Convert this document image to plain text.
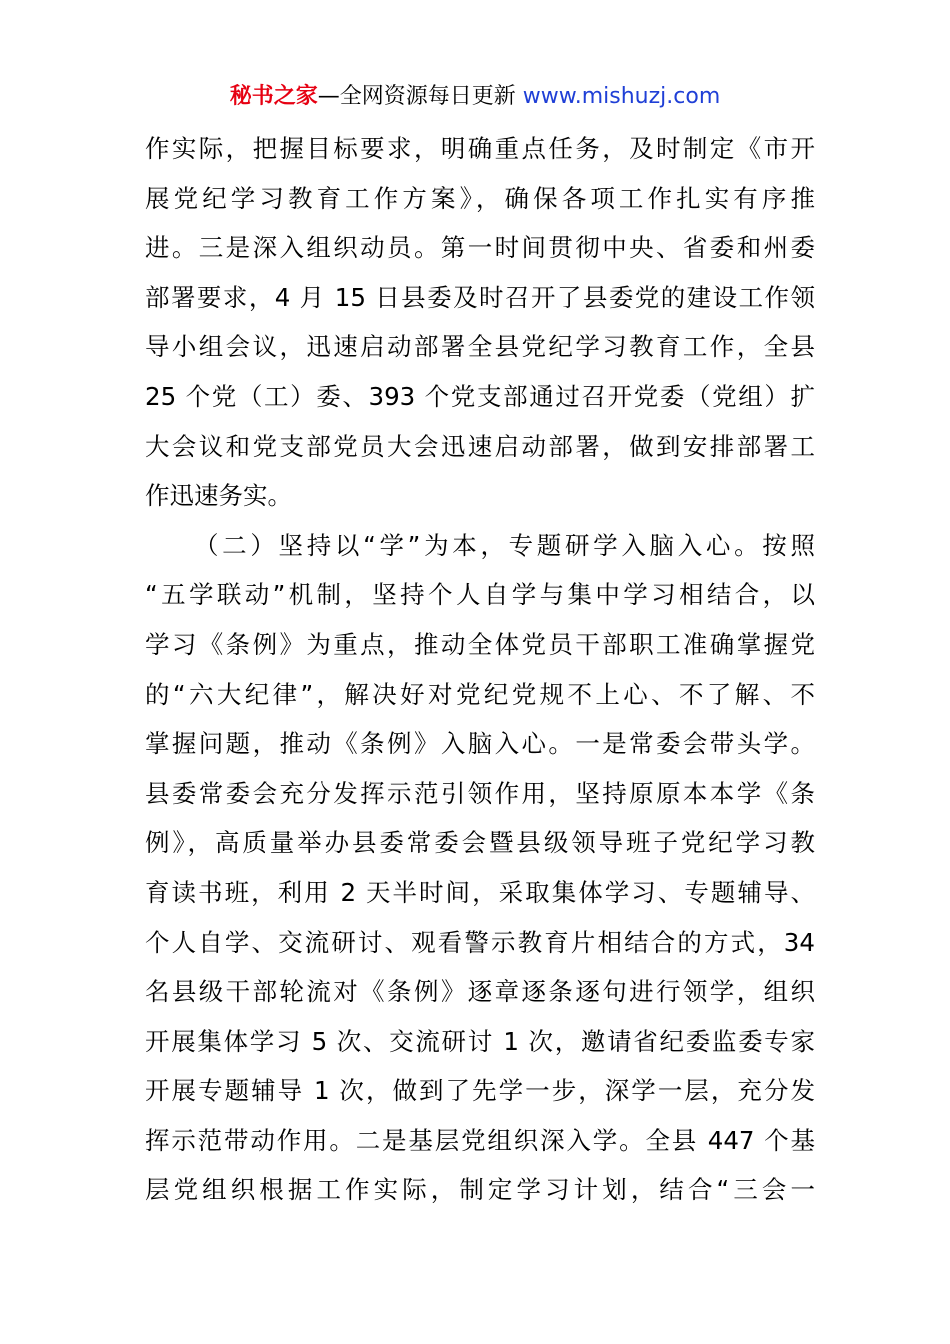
秘书之家—全网资源每日更新 www.mishuzj.com
作实际，把握目标要求，明确重点任务，及时制定《市开
展党纪学习教育工作方案》，确保各项工作扎实有序推
进。三是深入组织动员。第一时间贯彻中央、省委和州委
部署要求，4 月 15 日县委及时召开了县委党的建设工作领
导小组会议，迅速启动部署全县党纪学习教育工作，全县
25 个党（工）委、393 个党支部通过召开党委（党组）扩
大会议和党支部党员大会迅速启动部署，做到安排部署工
作迅速务实。
（二）坚持以“学”为本，专题研学入脑入心。按照
“五学联动”机制，坚持个人自学与集中学习相结合，以
学习《条例》为重点，推动全体党员干部职工准确掌握党
的“六大纪律”，解决好对党纪党规不上心、不了解、不
掌握问题，推动《条例》入脑入心。一是常委会带头学。
县委常委会充分发挥示范引领作用，坚持原原本本学《条
例》，高质量举办县委常委会暨县级领导班子党纪学习教
育读书班，利用 2 天半时间，采取集体学习、专题辅导、
个人自学、交流研讨、观看警示教育片相结合的方式，34
名县级干部轮流对《条例》逐章逐条逐句进行领学，组织
开展集体学习 5 次、交流研讨 1 次，邀请省纪委监委专家
开展专题辅导 1 次，做到了先学一步，深学一层，充分发
挥示范带动作用。二是基层党组织深入学。全县 447 个基
层党组织根据工作实际，制定学习计划，结合“三会一
